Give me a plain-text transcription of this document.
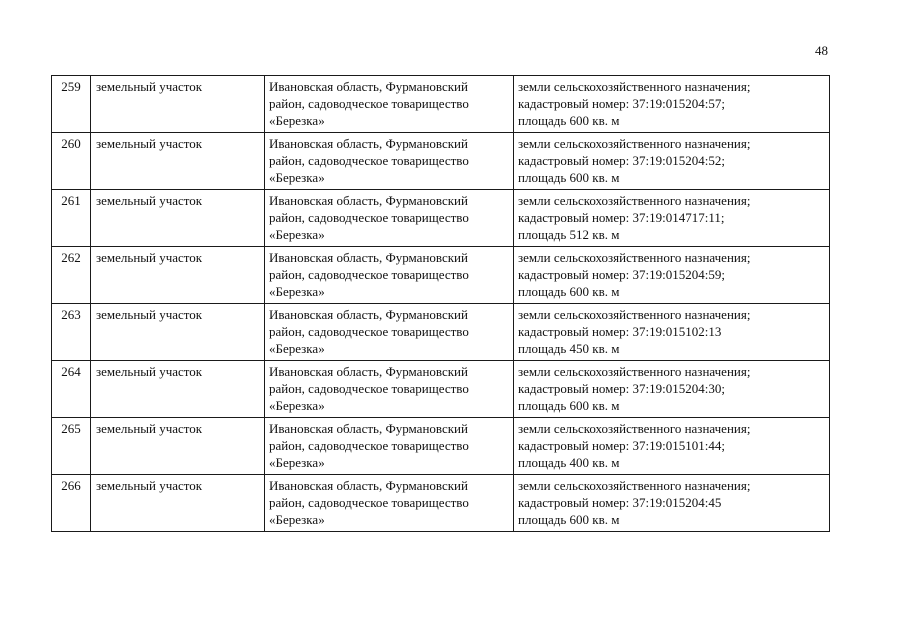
48
259	земельный участок	Ивановская область, Фурмановский
район, садоводческое товарищество
«Березка»	земли сельскохозяйственного назначения;
кадастровый номер: 37:19:015204:57;
площадь 600 кв. м

260	земельный участок	Ивановская область, Фурмановский
район, садоводческое товарищество
«Березка»	земли сельскохозяйственного назначения;
кадастровый номер: 37:19:015204:52;
площадь 600 кв. м

261	земельный участок	Ивановская область, Фурмановский
район, садоводческое товарищество
«Березка»	земли сельскохозяйственного назначения;
кадастровый номер: 37:19:014717:11;
площадь 512 кв. м

262	земельный участок	Ивановская область, Фурмановский
район, садоводческое товарищество
«Березка»	земли сельскохозяйственного назначения;
кадастровый номер: 37:19:015204:59;
площадь 600 кв. м

263	земельный участок	Ивановская область, Фурмановский
район, садоводческое товарищество
«Березка»	земли сельскохозяйственного назначения;
кадастровый номер: 37:19:015102:13
площадь 450 кв. м

264	земельный участок	Ивановская область, Фурмановский
район, садоводческое товарищество
«Березка»	земли сельскохозяйственного назначения;
кадастровый номер: 37:19:015204:30;
площадь 600 кв. м

265	земельный участок	Ивановская область, Фурмановский
район, садоводческое товарищество
«Березка»	земли сельскохозяйственного назначения;
кадастровый номер: 37:19:015101:44;
площадь 400 кв. м

266	земельный участок	Ивановская область, Фурмановский
район, садоводческое товарищество
«Березка»	земли сельскохозяйственного назначения;
кадастровый номер: 37:19:015204:45
площадь 600 кв. м
